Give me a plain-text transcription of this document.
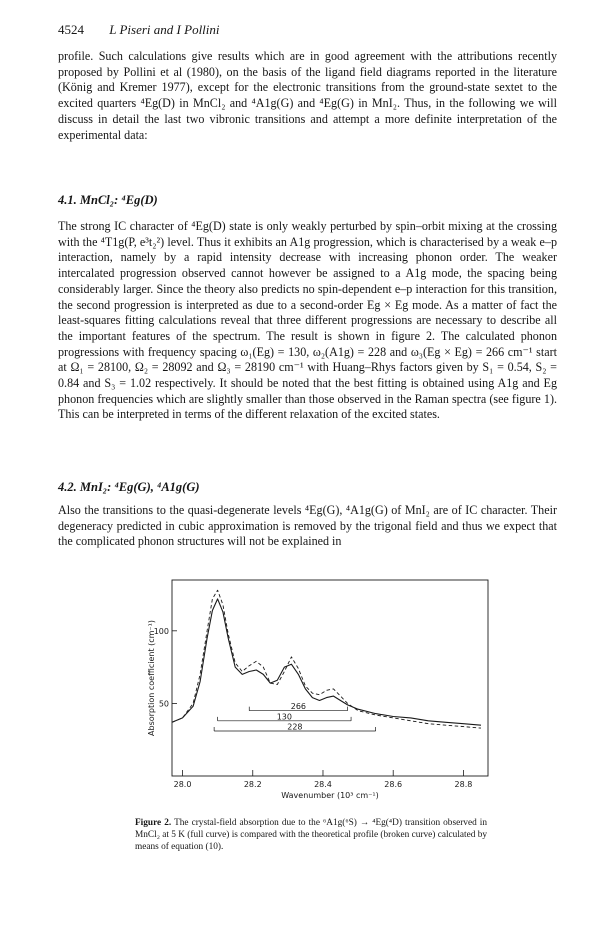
4524 L Piseri and I Pollini

profile. Such calculations give results which are in good agreement with the attributions recently proposed by Pollini et al (1980), on the basis of the ligand field diagrams reported in the literature (König and Kremer 1977), except for the electronic transitions from the ground-state sextet to the excited quarters ⁴Eg(D) in MnCl₂ and ⁴A1g(G) and ⁴Eg(G) in MnI₂. Thus, in the following we will discuss in detail the last two vibronic transitions and attempt a more definite interpretation of the experimental data:

4.1. MnCl₂: ⁴Eg(D)

The strong IC character of ⁴Eg(D) state is only weakly perturbed by spin–orbit mixing at the crossing with the ⁴T1g(P, e³t₂²) level. Thus it exhibits an A1g progression, which is characterised by a weak e–p interaction, namely by a rapid intensity decrease with increasing phonon order. The weaker intercalated progression observed cannot however be assigned to a A1g mode, the spacing being considerably larger. Since the theory also predicts no spin-dependent e–p interaction for this transition, the second progression is interpreted as due to a second-order Eg × Eg mode. As a matter of fact the least-squares fitting calculations reveal that three different progressions are necessary to describe all the important features of the spectrum. The result is shown in figure 2. The calculated phonon progressions with frequency spacing ω₁(Eg) = 130, ω₂(A1g) = 228 and ω₃(Eg × Eg) = 266 cm⁻¹ start at Ω₁ = 28100, Ω₂ = 28092 and Ω₃ = 28190 cm⁻¹ with Huang–Rhys factors given by S₁ = 0.54, S₂ = 0.84 and S₃ = 1.02 respectively. It should be noted that the best fitting is obtained using A1g and Eg phonon frequencies which are slightly smaller than those observed in the Raman spectra (see figure 1). This can be interpreted in terms of the different relaxation of the excited states.

4.2. MnI₂: ⁴Eg(G), ⁴A1g(G)

Also the transitions to the quasi-degenerate levels ⁴Eg(G), ⁴A1g(G) of MnI₂ are of IC character. Their degeneracy predicted in cubic approximation is removed by the trigonal field and thus we expect that the complicated phonon structures will not be explained in

266
130
228
28.0	28.2	28.4	28.6	28.8
50
100
Wavenumber (10³ cm⁻¹)
Absorption coefficient (cm⁻¹)

Figure 2. The crystal-field absorption due to the ⁶A1g(⁶S) → ⁴Eg(⁴D) transition observed in MnCl₂ at 5 K (full curve) is compared with the theoretical profile (broken curve) calculated by means of equation (10).
